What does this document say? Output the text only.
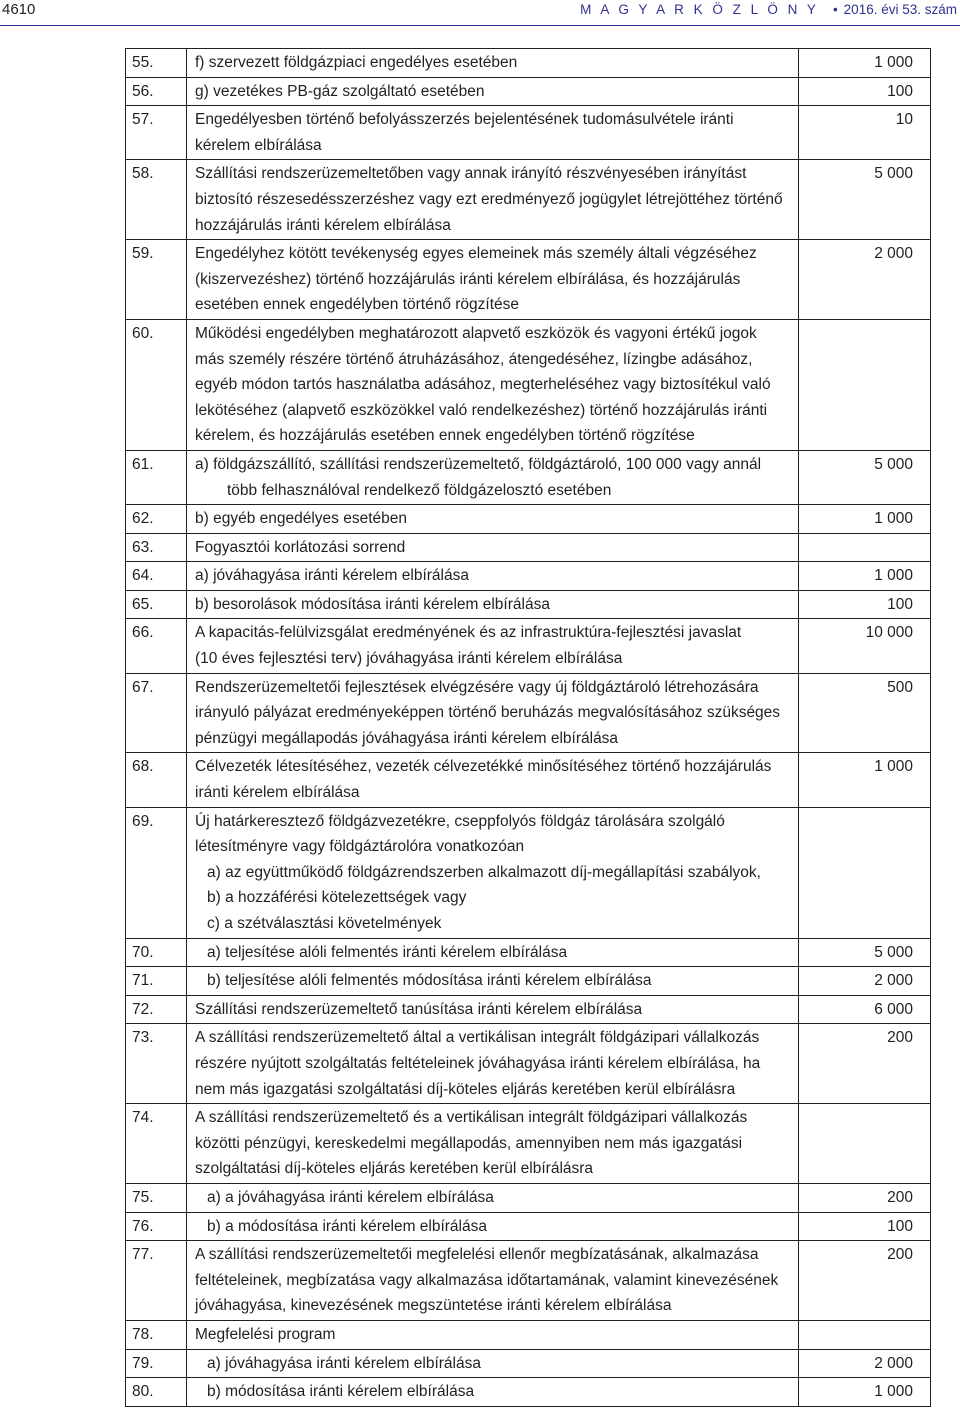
4610	M A G Y A R K Ö Z L Ö N Y • 2016. évi 53. szám
55.	f) szervezett földgázpiaci engedélyes esetében	1 000
56.	g) vezetékes PB-gáz szolgáltató esetében	100
57.	Engedélyesben történő befolyásszerzés bejelentésének tudomásulvétele iránti
kérelem elbírálása	10
58.	Szállítási rendszerüzemeltetőben vagy annak irányító részvényesében irányítást
biztosító részesedésszerzéshez vagy ezt eredményező jogügylet létrejöttéhez történő
hozzájárulás iránti kérelem elbírálása	5 000
59.	Engedélyhez kötött tevékenység egyes elemeinek más személy általi végzéséhez
(kiszervezéshez) történő hozzájárulás iránti kérelem elbírálása, és hozzájárulás
esetében ennek engedélyben történő rögzítése	2 000
60.	Működési engedélyben meghatározott alapvető eszközök és vagyoni értékű jogok
más személy részére történő átruházásához, átengedéséhez, lízingbe adásához,
egyéb módon tartós használatba adásához, megterheléséhez vagy biztosítékul való
lekötéséhez (alapvető eszközökkel való rendelkezéshez) történő hozzájárulás iránti
kérelem, és hozzájárulás esetében ennek engedélyben történő rögzítése	

61.	a) földgázszállító, szállítási rendszerüzemeltető, földgáztároló, 100 000 vagy annál
több felhasználóval rendelkező földgázelosztó esetében	5 000
62.	b) egyéb engedélyes esetében	1 000
63.	Fogyasztói korlátozási sorrend	

64.	a) jóváhagyása iránti kérelem elbírálása	1 000
65.	b) besorolások módosítása iránti kérelem elbírálása	100
66.	A kapacitás-felülvizsgálat eredményének és az infrastruktúra-fejlesztési javaslat
(10 éves fejlesztési terv) jóváhagyása iránti kérelem elbírálása	10 000
67.	Rendszerüzemeltetői fejlesztések elvégzésére vagy új földgáztároló létrehozására
irányuló pályázat eredményeképpen történő beruházás megvalósításához szükséges
pénzügyi megállapodás jóváhagyása iránti kérelem elbírálása	500
68.	Célvezeték létesítéséhez, vezeték célvezetékké minősítéséhez történő hozzájárulás
iránti kérelem elbírálása	1 000
69.	Új határkeresztező földgázvezetékre, cseppfolyós földgáz tárolására szolgáló
létesítményre vagy földgáztárolóra vonatkozóan
a) az együttműködő földgázrendszerben alkalmazott díj-megállapítási szabályok,
b) a hozzáférési kötelezettségek vagy
c) a szétválasztási követelmények	

70.	a) teljesítése alóli felmentés iránti kérelem elbírálása	5 000
71.	b) teljesítése alóli felmentés módosítása iránti kérelem elbírálása	2 000
72.	Szállítási rendszerüzemeltető tanúsítása iránti kérelem elbírálása	6 000
73.	A szállítási rendszerüzemeltető által a vertikálisan integrált földgázipari vállalkozás
részére nyújtott szolgáltatás feltételeinek jóváhagyása iránti kérelem elbírálása, ha
nem más igazgatási szolgáltatási díj-köteles eljárás keretében kerül elbírálásra	200
74.	A szállítási rendszerüzemeltető és a vertikálisan integrált földgázipari vállalkozás
közötti pénzügyi, kereskedelmi megállapodás, amennyiben nem más igazgatási
szolgáltatási díj-köteles eljárás keretében kerül elbírálásra	

75.	a) a jóváhagyása iránti kérelem elbírálása	200
76.	b) a módosítása iránti kérelem elbírálása	100
77.	A szállítási rendszerüzemeltetői megfelelési ellenőr megbízatásának, alkalmazása
feltételeinek, megbízatása vagy alkalmazása időtartamának, valamint kinevezésének
jóváhagyása, kinevezésének megszüntetése iránti kérelem elbírálása	200
78.	Megfelelési program	

79.	a) jóváhagyása iránti kérelem elbírálása	2 000
80.	b) módosítása iránti kérelem elbírálása	1 000
